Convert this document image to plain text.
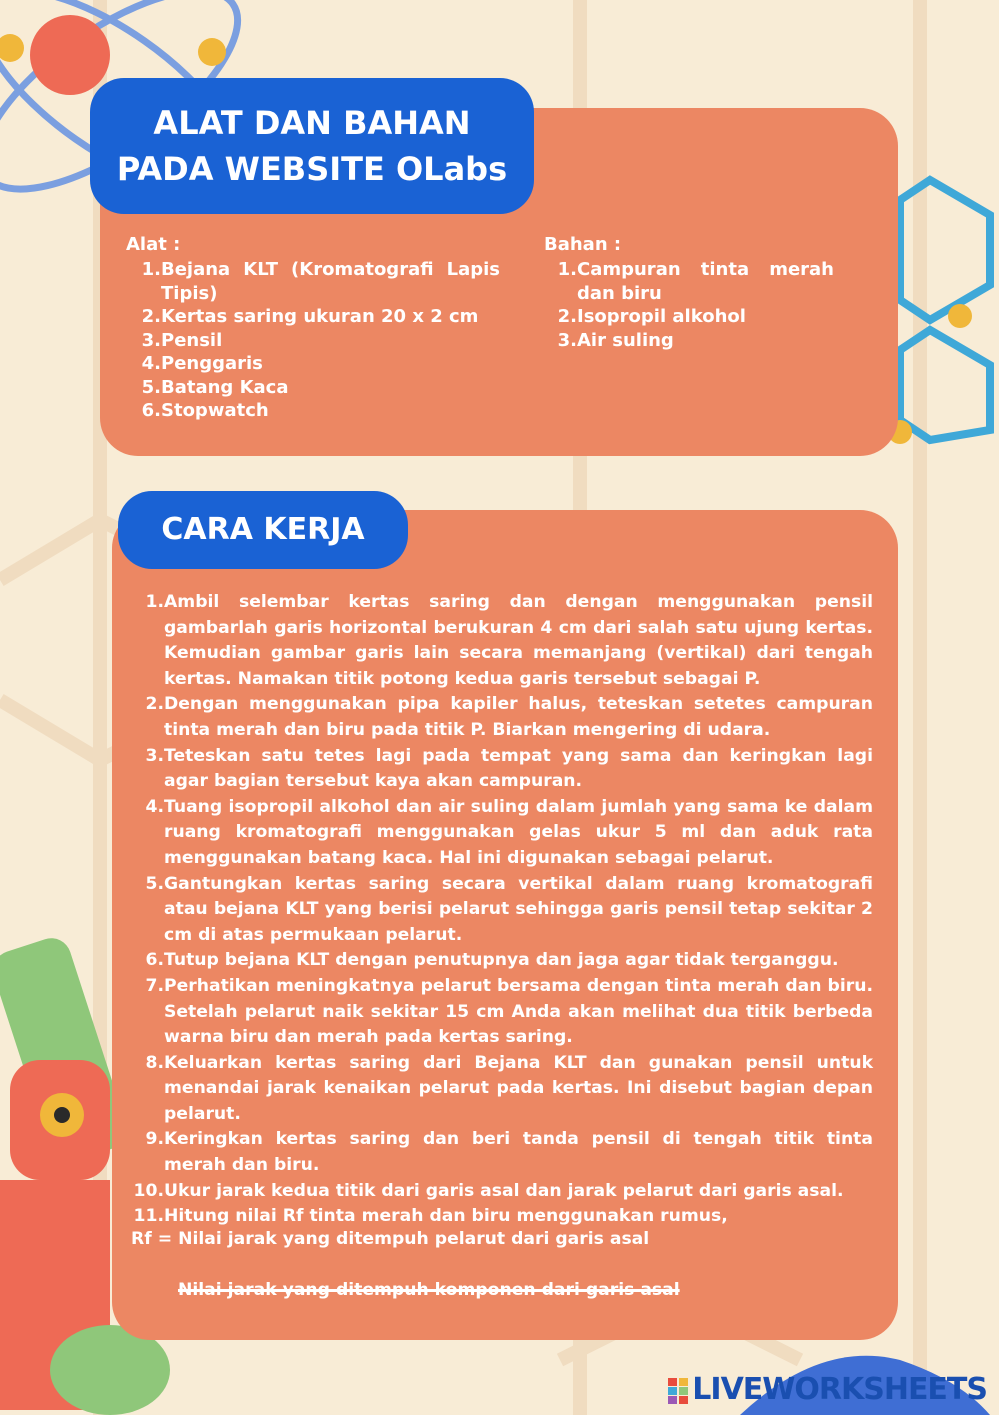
ALAT DAN BAHAN
PADA WEBSITE OLabs
Alat :
1. Bejana KLT (Kromatografi Lapis Tipis)
2. Kertas saring ukuran 20 x 2 cm
3. Pensil
4. Penggaris
5. Batang Kaca
6. Stopwatch
Bahan :
1. Campuran tinta merah dan biru
2. Isopropil alkohol
3. Air suling
CARA KERJA
1. Ambil selembar kertas saring dan dengan menggunakan pensil gambarlah garis horizontal berukuran 4 cm dari salah satu ujung kertas. Kemudian gambar garis lain secara memanjang (vertikal) dari tengah kertas. Namakan titik potong kedua garis tersebut sebagai P.
2. Dengan menggunakan pipa kapiler halus, teteskan setetes campuran tinta merah dan biru pada titik P. Biarkan mengering di udara.
3. Teteskan satu tetes lagi pada tempat yang sama dan keringkan lagi agar bagian tersebut kaya akan campuran.
4. Tuang isopropil alkohol dan air suling dalam jumlah yang sama ke dalam ruang kromatografi menggunakan gelas ukur 5 ml dan aduk rata menggunakan batang kaca. Hal ini digunakan sebagai pelarut.
5. Gantungkan kertas saring secara vertikal dalam ruang kromatografi atau bejana KLT yang berisi pelarut sehingga garis pensil tetap sekitar 2 cm di atas permukaan pelarut.
6. Tutup bejana KLT dengan penutupnya dan jaga agar tidak terganggu.
7. Perhatikan meningkatnya pelarut bersama dengan tinta merah dan biru. Setelah pelarut naik sekitar 15 cm Anda akan melihat dua titik berbeda warna biru dan merah pada kertas saring.
8. Keluarkan kertas saring dari Bejana KLT dan gunakan pensil untuk menandai jarak kenaikan pelarut pada kertas. Ini disebut bagian depan pelarut.
9. Keringkan kertas saring dan beri tanda pensil di tengah titik tinta merah dan biru.
10. Ukur jarak kedua titik dari garis asal dan jarak pelarut dari garis asal.
11. Hitung nilai Rf tinta merah dan biru menggunakan rumus,
Rf = Nilai jarak yang ditempuh pelarut dari garis asal
Nilai jarak yang ditempuh komponen dari garis asal
LIVEWORKSHEETS
